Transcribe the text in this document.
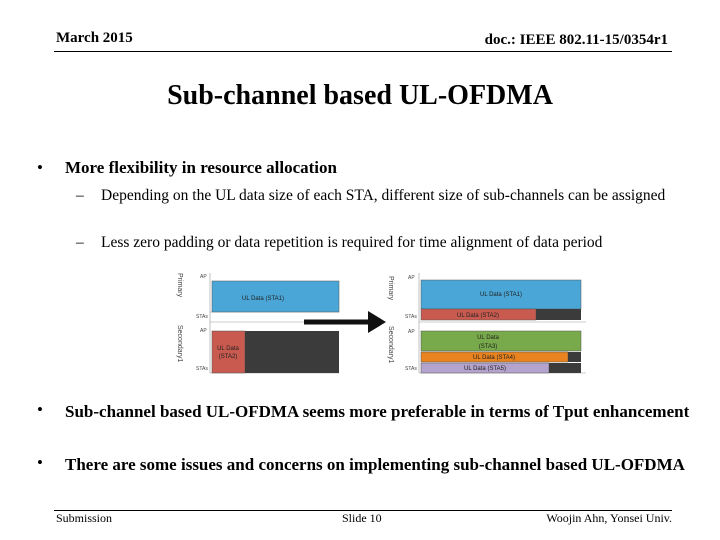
March 2015	doc.: IEEE 802.11-15/0354r1
Sub-channel based UL-OFDMA
• More flexibility in resource allocation
– Depending on the UL data size of each STA, different size of sub-channels can be assigned
– Less zero padding or data repetition is required for time alignment of data period
Primary
Secondary1
AP
STAs
AP
STAs
UL Data (STA1)
UL Data
(STA2)
Primary
Secondary1
AP
STAs
AP
STAs
UL Data (STA1)
UL Data (STA2)
UL Data
(STA3)
UL Data (STA4)
UL Data (STA5)
• Sub-channel based UL-OFDMA seems more preferable in terms of Tput enhancement
• There are some issues and concerns on implementing sub-channel based UL-OFDMA
Submission	Slide 10	Woojin Ahn, Yonsei Univ.
